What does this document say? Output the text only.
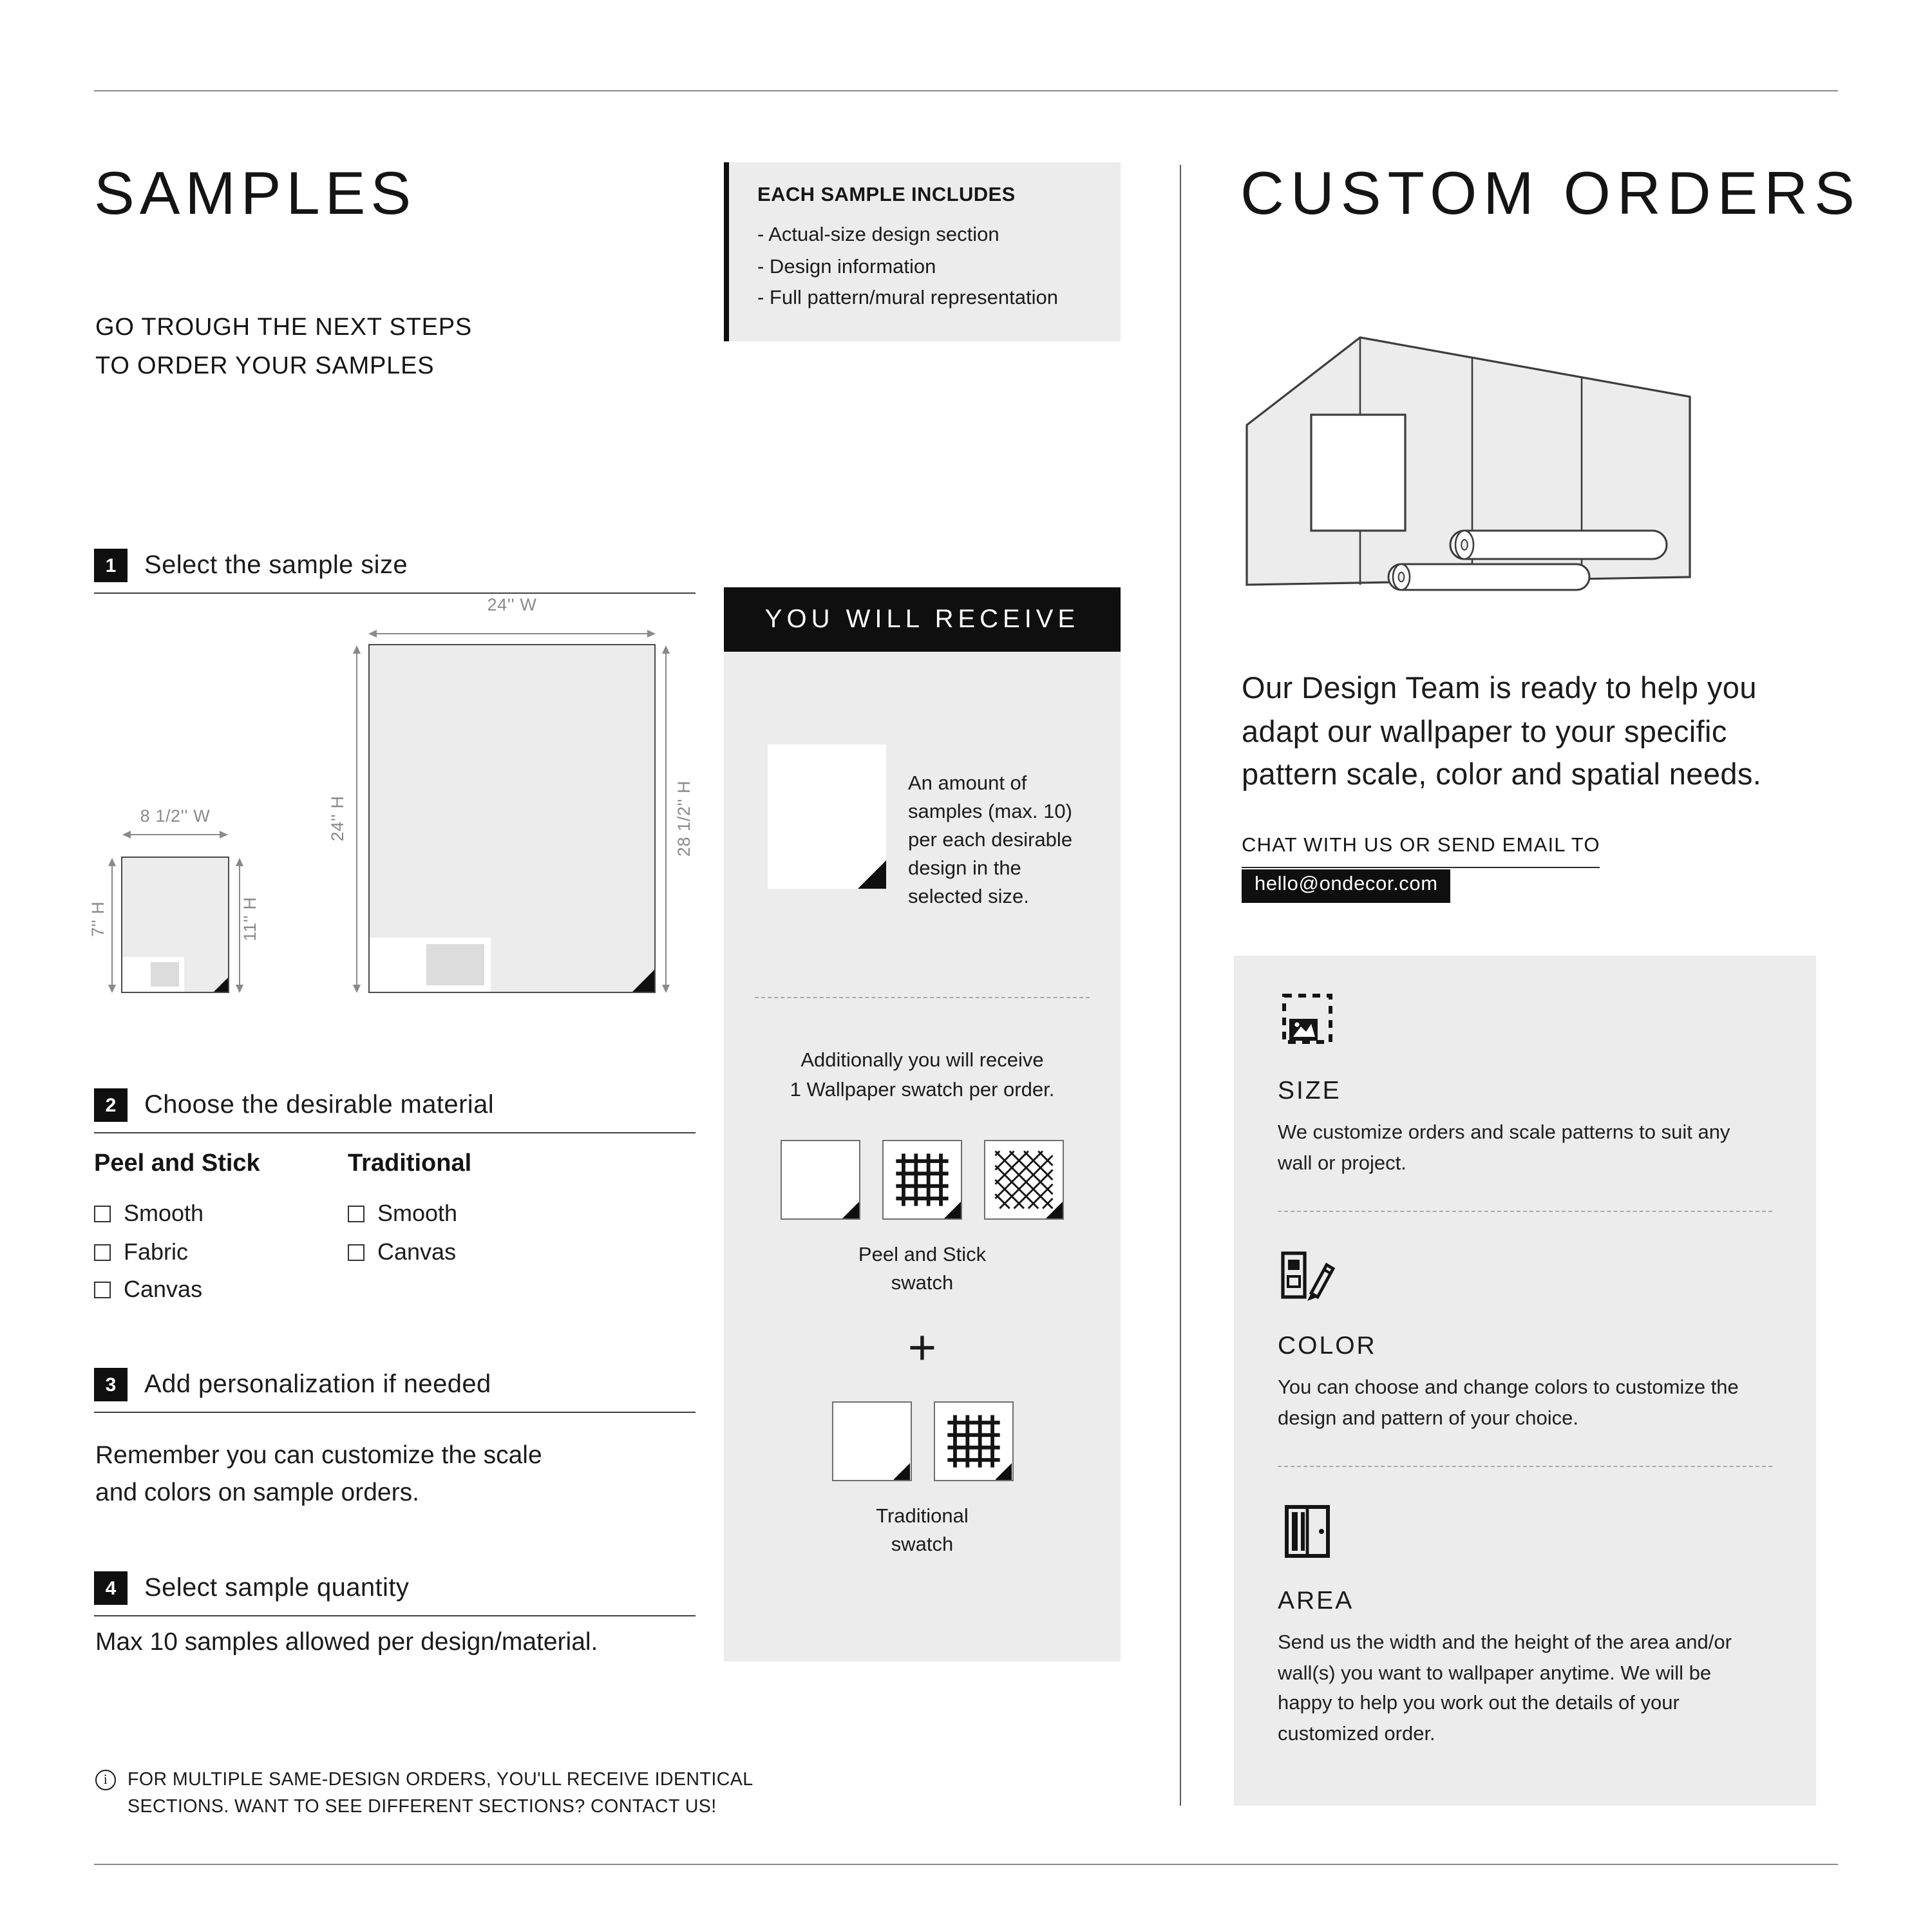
SAMPLES
GO TROUGH THE NEXT STEPS
TO ORDER YOUR SAMPLES
EACH SAMPLE INCLUDES
- Actual-size design section
- Design information
- Full pattern/mural representation
1	Select the sample size
24'' W
24'' H	28 1/2'' H
8 1/2'' W
7'' H	11'' H
2	Choose the desirable material
Peel and Stick
Smooth
Fabric
Canvas
Traditional
Smooth
Canvas
3	Add personalization if needed
Remember you can customize the scale
and colors on sample orders.
4	Select sample quantity
Max 10 samples allowed per design/material.
i	FOR MULTIPLE SAME-DESIGN ORDERS, YOU'LL RECEIVE IDENTICAL
SECTIONS. WANT TO SEE DIFFERENT SECTIONS? CONTACT US!
YOU WILL RECEIVE
An amount of samples (max. 10) per each desirable design in the selected size.
Additionally you will receive
1 Wallpaper swatch per order.
Peel and Stick
swatch
+
Traditional
swatch
CUSTOM ORDERS

Our Design Team is ready to help you adapt our wallpaper to your specific pattern scale, color and spatial needs.

CHAT WITH US OR SEND EMAIL TO
hello@ondecor.com
SIZE
We customize orders and scale patterns to suit any wall or project.
COLOR
You can choose and change colors to customize the design and pattern of your choice.
AREA
Send us the width and the height of the area and/or wall(s) you want to wallpaper anytime. We will be happy to help you work out the details of your customized order.
